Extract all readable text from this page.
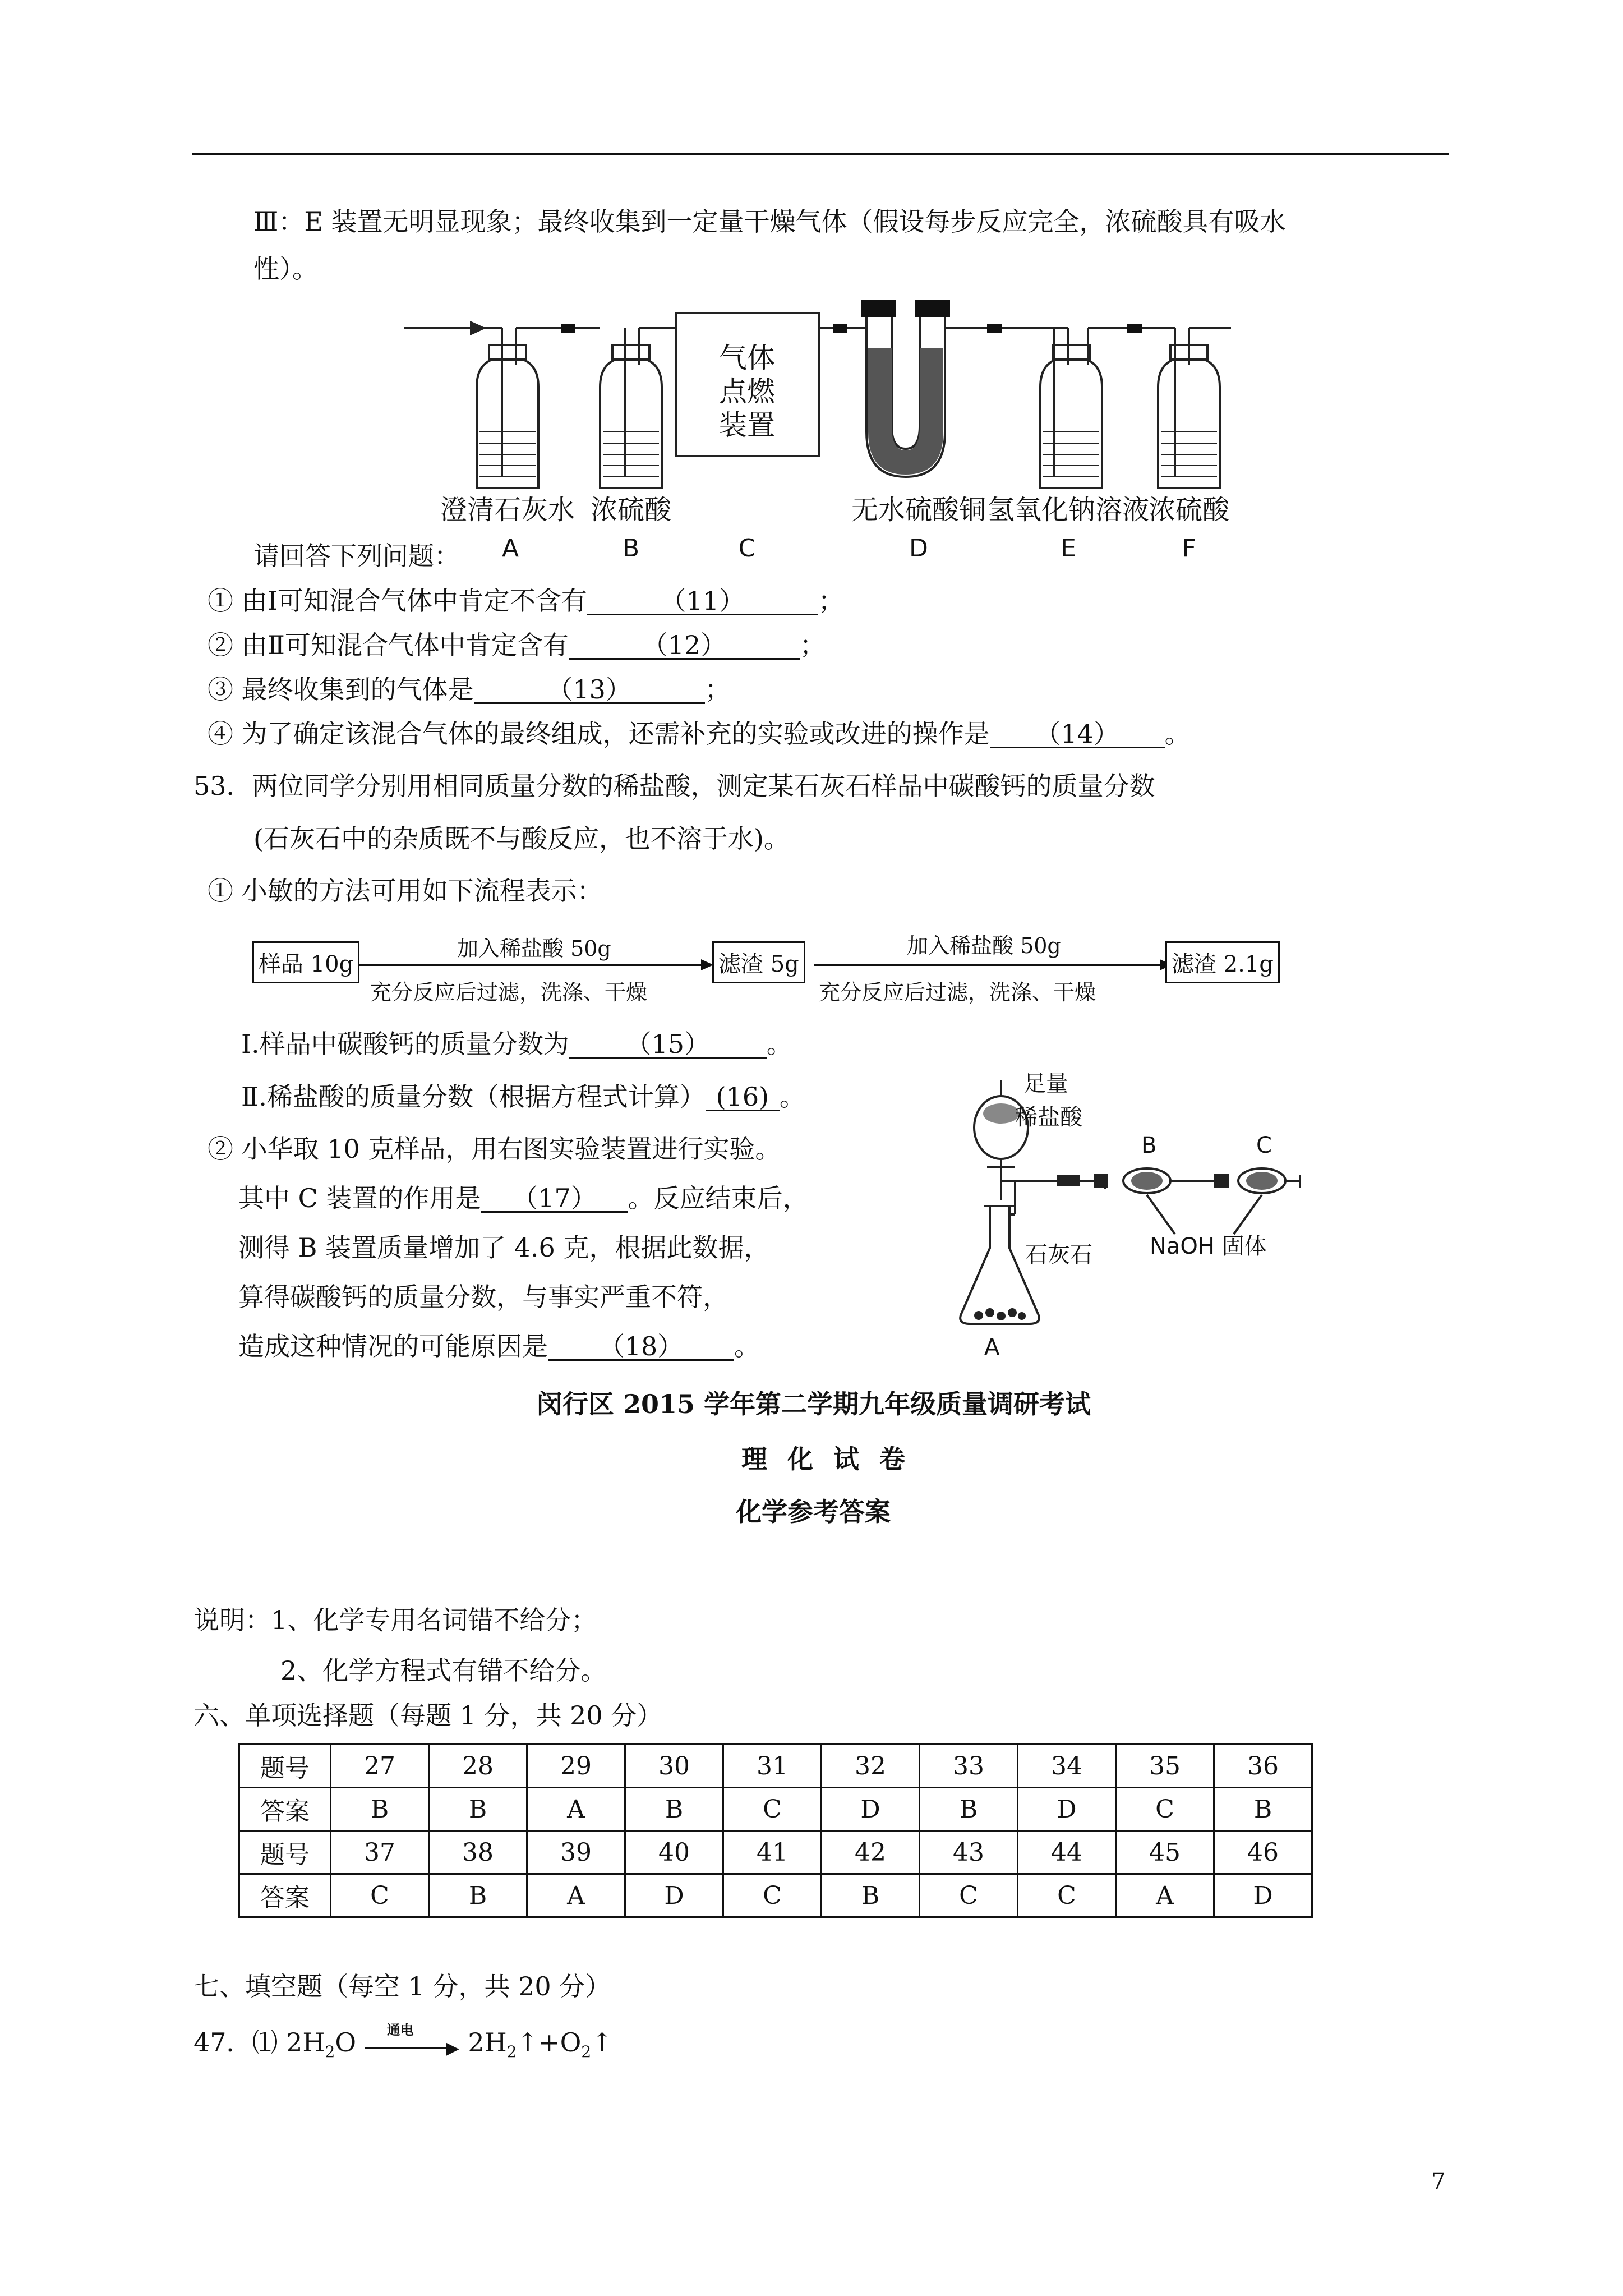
Ⅲ：E 装置无明显现象；最终收集到一定量干燥气体（假设每步反应完全，浓硫酸具有吸水
性）。
气体
点燃
装置
澄清石灰水 浓硫酸	无水硫酸铜 氢氧化钠溶液
浓硫酸
A	B	C	D	E	F
足量
稀盐酸
B	C
石灰石	NaOH 固体
A
请回答下列问题：
① 由Ⅰ可知混合气体中肯定不含有	（11）	；
② 由Ⅱ可知混合气体中肯定含有	（12）	；
③ 最终收集到的气体是	（13）	；
④ 为了确定该混合气体的最终组成，还需补充的实验或改进的操作是 （14） 。
53．两位同学分别用相同质量分数的稀盐酸，测定某石灰石样品中碳酸钙的质量分数
(石灰石中的杂质既不与酸反应，也不溶于水)。
① 小敏的方法可用如下流程表示：
样品 10g
加入稀盐酸 50g
充分反应后过滤，洗涤、干燥
滤渣 5g
加入稀盐酸 50g
充分反应后过滤，洗涤、干燥
滤渣 2.1g
Ⅰ.样品中碳酸钙的质量分数为 （15） 。
Ⅱ.稀盐酸的质量分数（根据方程式计算） (16) 。
② 小华取 10 克样品，用右图实验装置进行实验。
其中 C 装置的作用是 （17） 。反应结束后，
测得 B 装置质量增加了 4.6 克，根据此数据，
算得碳酸钙的质量分数，与事实严重不符，
造成这种情况的可能原因是 （18） 。
闵行区 2015 学年第二学期九年级质量调研考试
理 化 试 卷
化学参考答案
说明：1、化学专用名词错不给分；
2、化学方程式有错不给分。
六、单项选择题（每题 1 分，共 20 分）
题号	27	28	29	30	31	32	33	34	35	36
答案	B	B	A	B	C	D	B	D	C	B
题号	37	38	39	40	41	42	43	44	45	46
答案	C	B	A	D	C	B	C	C	A	D
七、填空题（每空 1 分，共 20 分）
47．⑴ $2H_2O$ 通电
▶ $2H_2↑+O_2↑$
7
